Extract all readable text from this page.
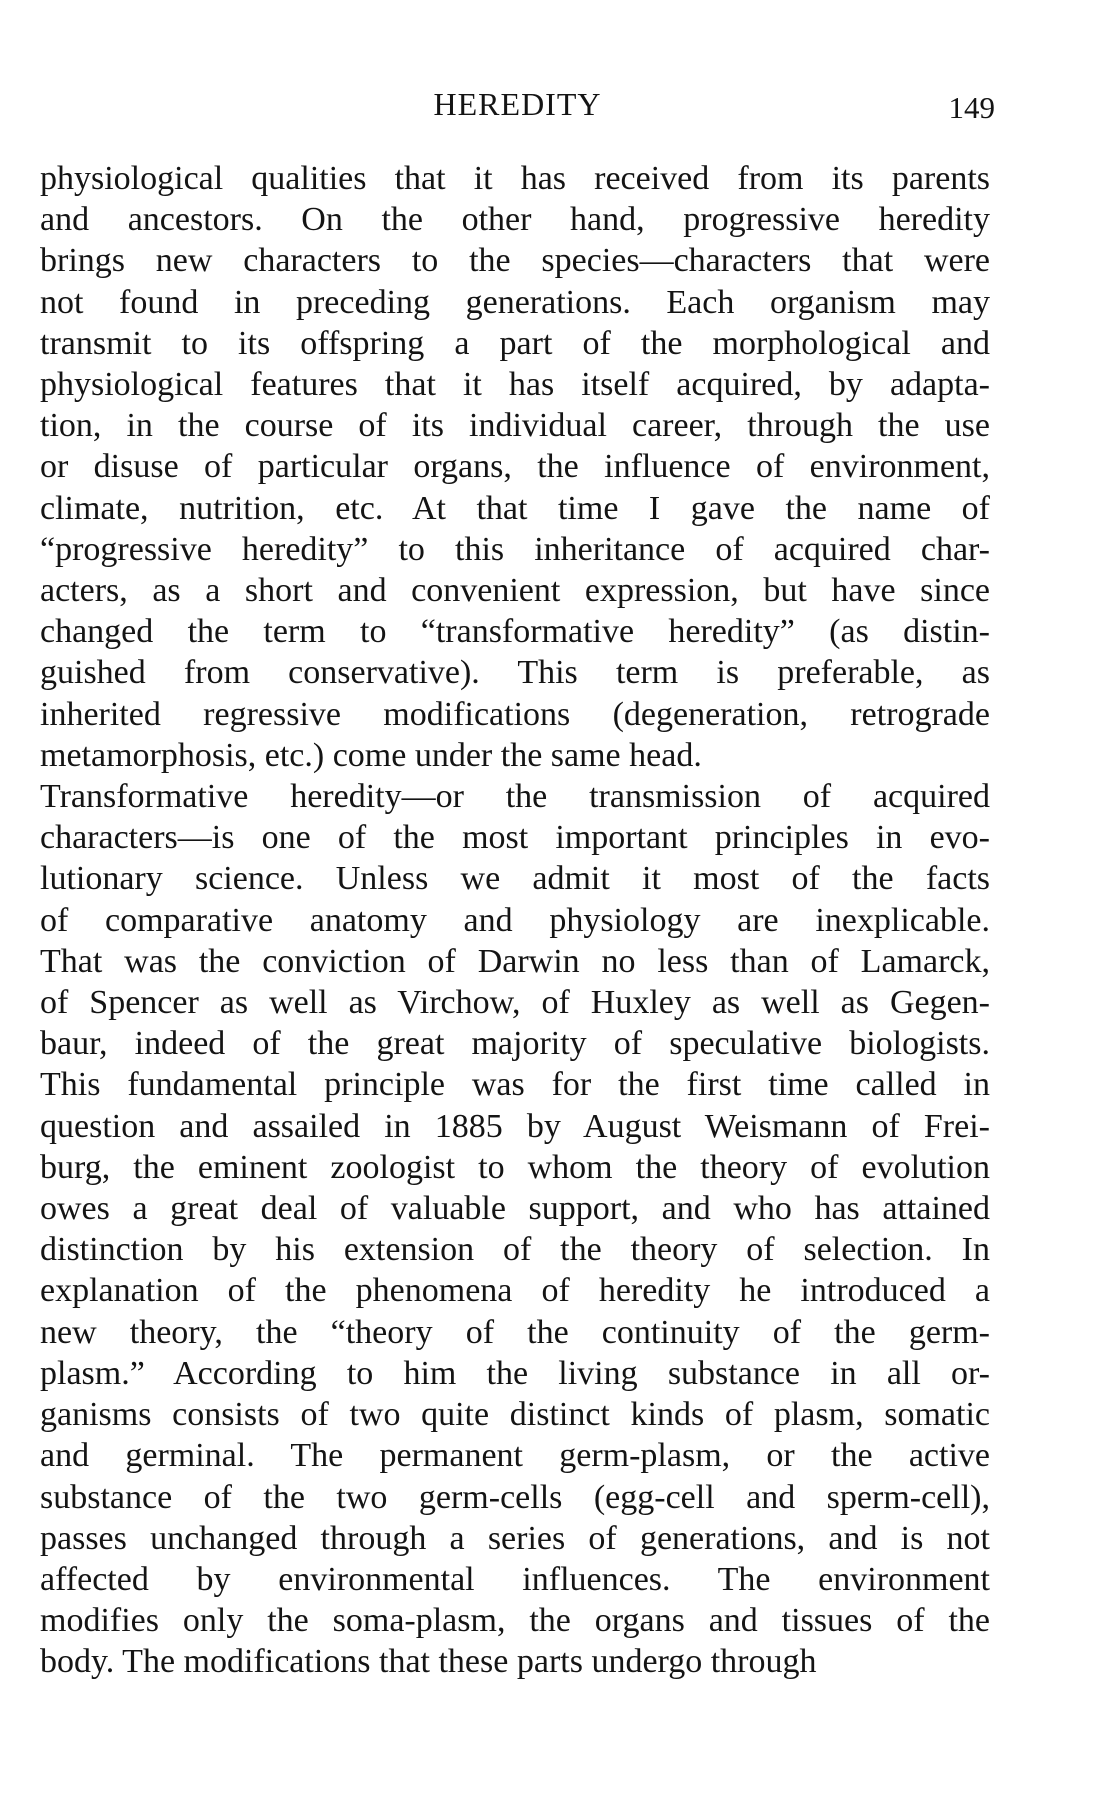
HEREDITY	149

physiological qualities that it has received from its parents
and ancestors. On the other hand, progressive heredity
brings new characters to the species—characters that were
not found in preceding generations. Each organism may
transmit to its offspring a part of the morphological and
physiological features that it has itself acquired, by adapta-
tion, in the course of its individual career, through the use
or disuse of particular organs, the influence of environment,
climate, nutrition, etc. At that time I gave the name of
“progressive heredity” to this inheritance of acquired char-
acters, as a short and convenient expression, but have since
changed the term to “transformative heredity” (as distin-
guished from conservative). This term is preferable, as
inherited regressive modifications (degeneration, retrograde
metamorphosis, etc.) come under the same head.

Transformative heredity—or the transmission of acquired
characters—is one of the most important principles in evo-
lutionary science. Unless we admit it most of the facts
of comparative anatomy and physiology are inexplicable.
That was the conviction of Darwin no less than of Lamarck,
of Spencer as well as Virchow, of Huxley as well as Gegen-
baur, indeed of the great majority of speculative biologists.
This fundamental principle was for the first time called in
question and assailed in 1885 by August Weismann of Frei-
burg, the eminent zoologist to whom the theory of evolution
owes a great deal of valuable support, and who has attained
distinction by his extension of the theory of selection. In
explanation of the phenomena of heredity he introduced a
new theory, the “theory of the continuity of the germ-
plasm.” According to him the living substance in all or-
ganisms consists of two quite distinct kinds of plasm, somatic
and germinal. The permanent germ-plasm, or the active
substance of the two germ-cells (egg-cell and sperm-cell),
passes unchanged through a series of generations, and is not
affected by environmental influences. The environment
modifies only the soma-plasm, the organs and tissues of the
body. The modifications that these parts undergo through
